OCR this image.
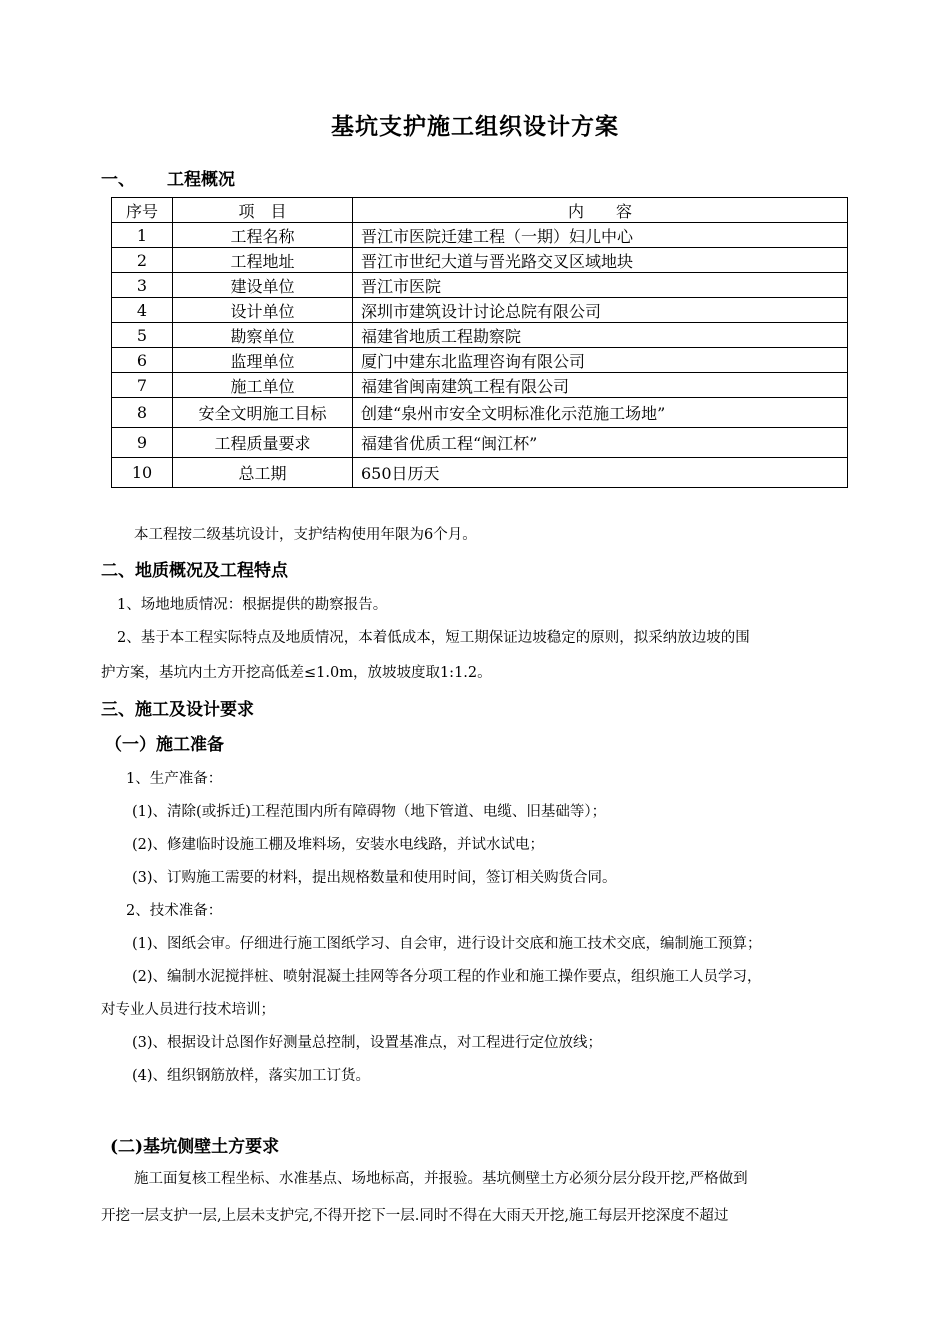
基坑支护施工组织设计方案
一、 工程概况
序号	项　目	内　　容
1	工程名称	晋江市医院迁建工程（一期）妇儿中心
2	工程地址	晋江市世纪大道与晋光路交叉区域地块
3	建设单位	晋江市医院
4	设计单位	深圳市建筑设计讨论总院有限公司
5	勘察单位	福建省地质工程勘察院
6	监理单位	厦门中建东北监理咨询有限公司
7	施工单位	福建省闽南建筑工程有限公司
8	安全文明施工目标	创建“泉州市安全文明标准化示范施工场地”
9	工程质量要求	福建省优质工程“闽江杯”
10	总工期	650日历天
本工程按二级基坑设计，支护结构使用年限为6个月。
二、地质概况及工程特点
1、场地地质情况：根据提供的勘察报告。
2、基于本工程实际特点及地质情况，本着低成本，短工期保证边坡稳定的原则，拟采纳放边坡的围
护方案，基坑内土方开挖高低差≤1.0m，放坡坡度取1:1.2。
三、施工及设计要求
（一）施工准备
1、生产准备：
(1)、清除(或拆迁)工程范围内所有障碍物（地下管道、电缆、旧基础等）；
(2)、修建临时设施工棚及堆料场，安装水电线路，并试水试电；
(3)、订购施工需要的材料，提出规格数量和使用时间，签订相关购货合同。
2、技术准备：
(1)、图纸会审。仔细进行施工图纸学习、自会审，进行设计交底和施工技术交底，编制施工预算；
(2)、编制水泥搅拌桩、喷射混凝土挂网等各分项工程的作业和施工操作要点，组织施工人员学习，
对专业人员进行技术培训；
(3)、根据设计总图作好测量总控制，设置基准点，对工程进行定位放线；
(4)、组织钢筋放样，落实加工订货。
(二)基坑侧壁土方要求
施工面复核工程坐标、水准基点、场地标高，并报验。基坑侧壁土方必须分层分段开挖,严格做到
开挖一层支护一层,上层未支护完,不得开挖下一层.同时不得在大雨天开挖,施工每层开挖深度不超过
